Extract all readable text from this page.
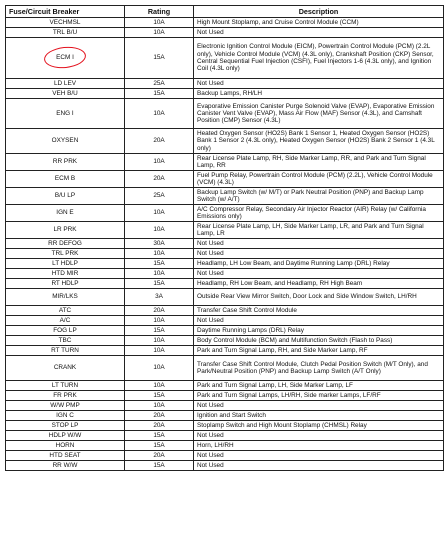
Fuse/Circuit Breaker	Rating	Description
VECHMSL	10A	High Mount Stoplamp, and Cruise Control Module (CCM)
TRL B/U	10A	Not Used
ECM I	15A	Electronic Ignition Control Module (EICM), Powertrain Control Module (PCM) (2.2L only), Vehicle Control Module (VCM) (4.3L only), Crankshaft Position (CKP) Sensor, Central Sequential Fuel Injection (CSFI), Fuel Injectors 1-6 (4.3L only), and Ignition Coil (4.3L only)
LD LEV	25A	Not Used
VEH B/U	15A	Backup Lamps, RH/LH
ENG I	10A	Evaporative Emission Canister Purge Solenoid Valve (EVAP), Evaporative Emission Canister Vent Valve (EVAP), Mass Air Flow (MAF) Sensor (4.3L), and Camshaft Position (CMP) Sensor (4.3L)
OXYSEN	20A	Heated Oxygen Sensor (HO2S) Bank 1 Sensor 1, Heated Oxygen Sensor (HO2S) Bank 1 Sensor 2 (4.3L only), Heated Oxygen Sensor (HO2S) Bank 2 Sensor 1 (4.3L only)
RR PRK	10A	Rear License Plate Lamp, RH, Side Marker Lamp, RR, and Park and Turn Signal Lamp, RR
ECM B	20A	Fuel Pump Relay, Powertrain Control Module (PCM) (2.2L), Vehicle Control Module (VCM) (4.3L)
B/U LP	25A	Backup Lamp Switch (w/ M/T) or Park Neutral Position (PNP) and Backup Lamp Switch (w/ A/T)
IGN E	10A	A/C Compressor Relay, Secondary Air Injector Reactor (AIR) Relay (w/ California Emissions only)
LR PRK	10A	Rear License Plate Lamp, LH, Side Marker Lamp, LR, and Park and Turn Signal Lamp, LR
RR DEFOG	30A	Not Used
TRL PRK	10A	Not Used
LT HDLP	15A	Headlamp, LH Low Beam, and Daytime Running Lamp (DRL) Relay
HTD MIR	10A	Not Used
RT HDLP	15A	Headlamp, RH Low Beam, and Headlamp, RH High Beam
MIR/LKS	3A	Outside Rear View Mirror Switch, Door Lock and Side Window Switch, LH/RH
ATC	20A	Transfer Case Shift Control Module
A/C	10A	Not Used
FOG LP	15A	Daytime Running Lamps (DRL) Relay
TBC	10A	Body Control Module (BCM) and Multifunction Switch (Flash to Pass)
RT TURN	10A	Park and Turn Signal Lamp, RH, and Side Marker Lamp, RF
CRANK	10A	Transfer Case Shift Control Module, Clutch Pedal Position Switch (M/T Only), and Park/Neutral Position (PNP) and Backup Lamp Switch (A/T Only)
LT TURN	10A	Park and Turn Signal Lamp, LH, Side Marker Lamp, LF
FR PRK	15A	Park and Turn Signal Lamps, LH/RH, Side marker Lamps, LF/RF
W/W PMP	10A	Not Used
IGN C	20A	Ignition and Start Switch
STOP LP	20A	Stoplamp Switch and High Mount Stoplamp (CHMSL) Relay
HDLP W/W	15A	Not Used
HORN	15A	Horn, LH/RH
HTD SEAT	20A	Not Used
RR W/W	15A	Not Used
